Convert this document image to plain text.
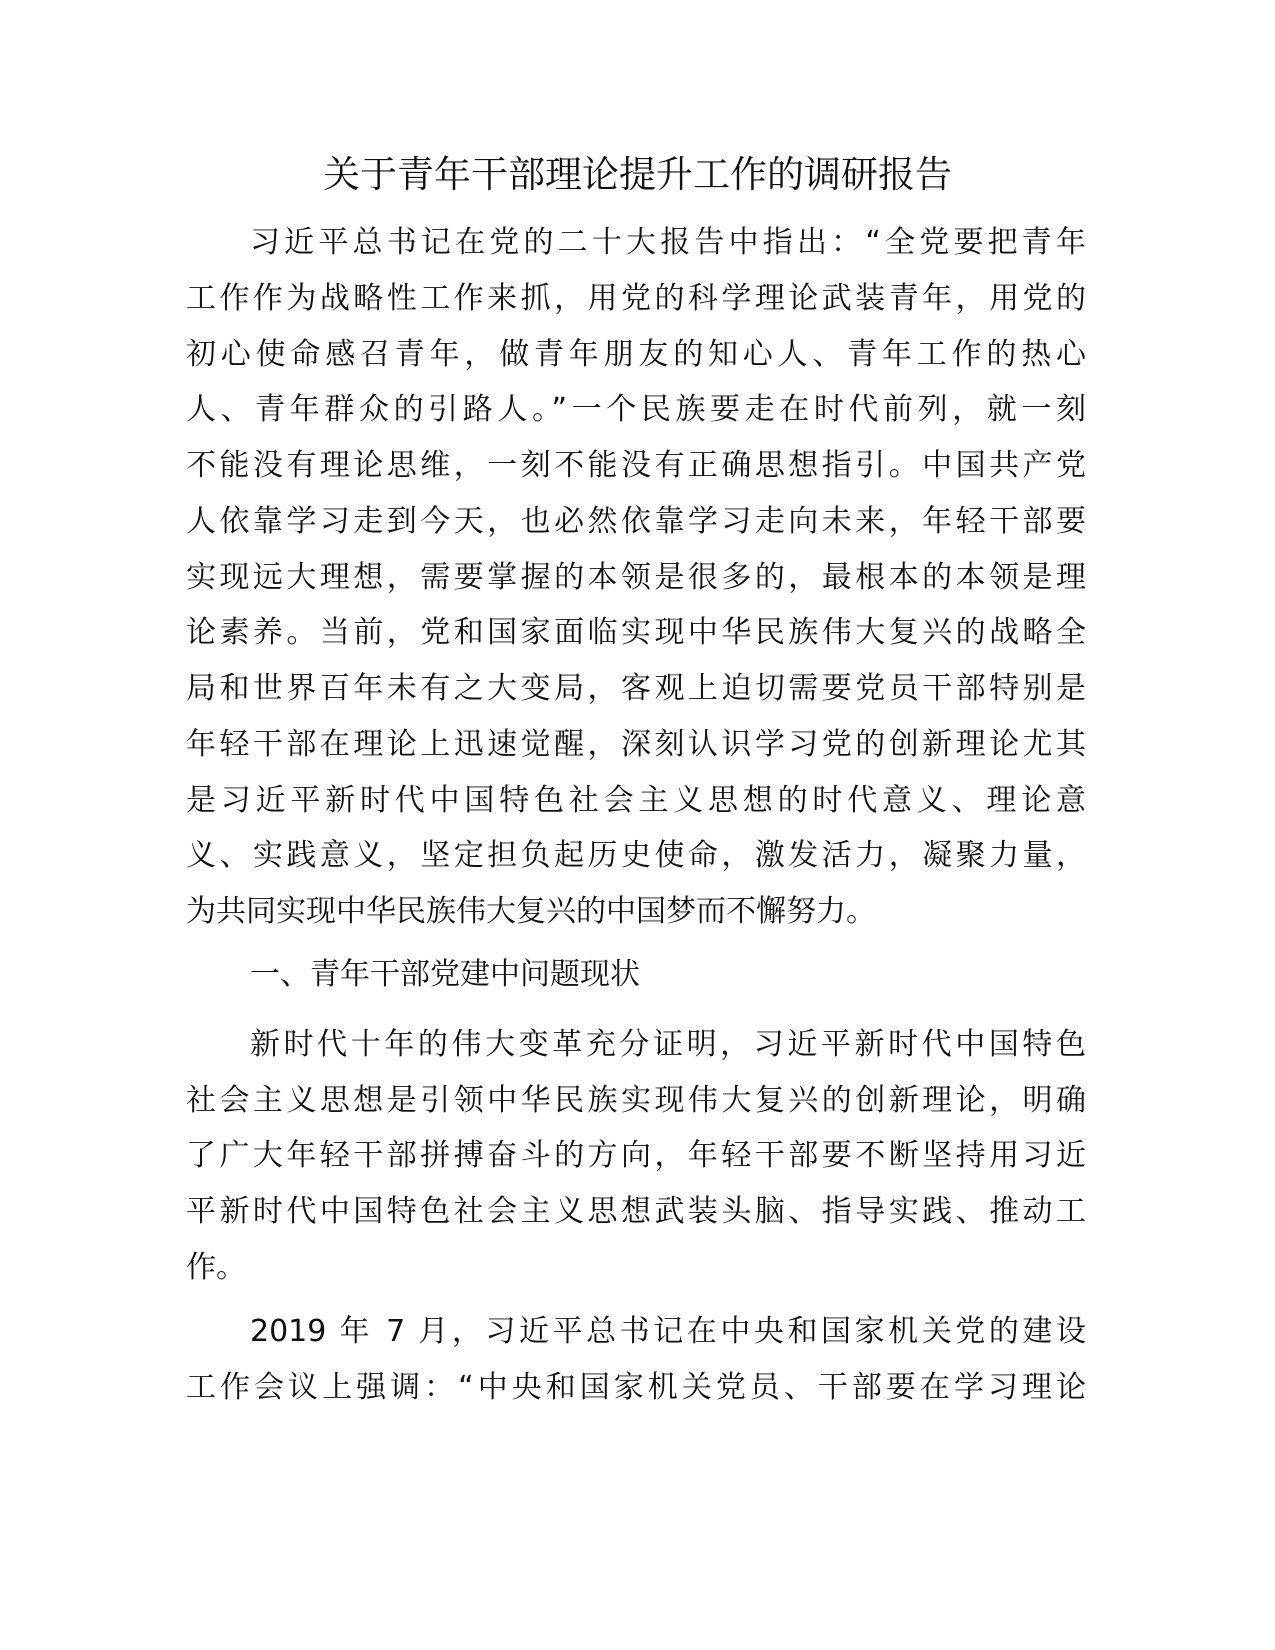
关于青年干部理论提升工作的调研报告
习近平总书记在党的二十大报告中指出：“全党要把青年
工作作为战略性工作来抓，用党的科学理论武装青年，用党的
初心使命感召青年，做青年朋友的知心人、青年工作的热心
人、青年群众的引路人。”一个民族要走在时代前列，就一刻
不能没有理论思维，一刻不能没有正确思想指引。中国共产党
人依靠学习走到今天，也必然依靠学习走向未来，年轻干部要
实现远大理想，需要掌握的本领是很多的，最根本的本领是理
论素养。当前，党和国家面临实现中华民族伟大复兴的战略全
局和世界百年未有之大变局，客观上迫切需要党员干部特别是
年轻干部在理论上迅速觉醒，深刻认识学习党的创新理论尤其
是习近平新时代中国特色社会主义思想的时代意义、理论意
义、实践意义，坚定担负起历史使命，激发活力，凝聚力量，
为共同实现中华民族伟大复兴的中国梦而不懈努力。
一、青年干部党建中问题现状
新时代十年的伟大变革充分证明，习近平新时代中国特色
社会主义思想是引领中华民族实现伟大复兴的创新理论，明确
了广大年轻干部拼搏奋斗的方向，年轻干部要不断坚持用习近
平新时代中国特色社会主义思想武装头脑、指导实践、推动工
作。
2019 年 7 月，习近平总书记在中央和国家机关党的建设
工作会议上强调：“中央和国家机关党员、干部要在学习理论
